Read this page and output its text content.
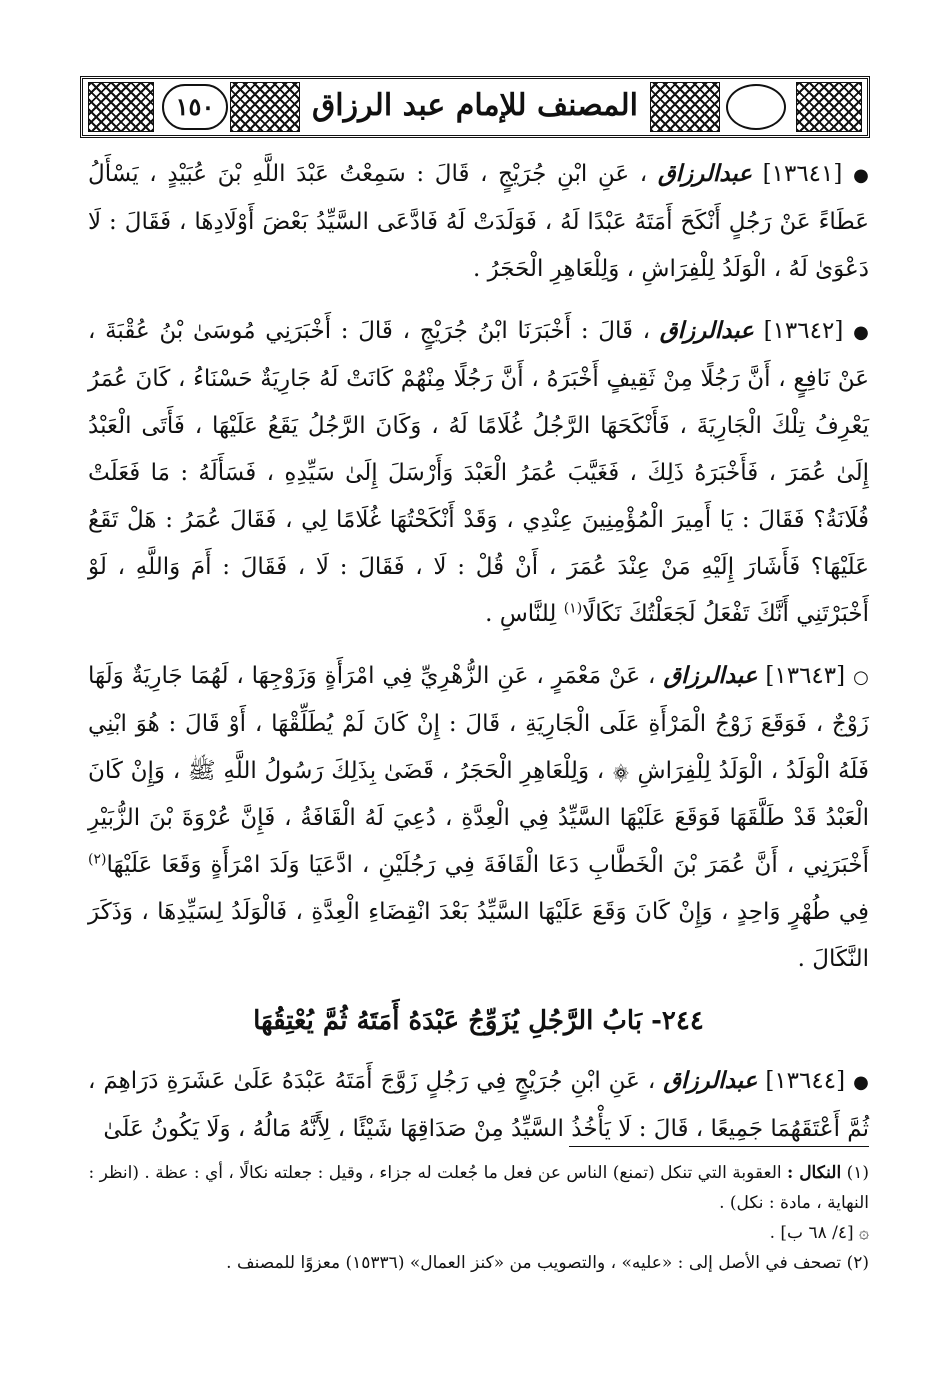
المصنف للإمام عبد الرزاق
١٥٠

● [١٣٦٤١] عبدالرزاق ، عَنِ ابْنِ جُرَيْجٍ ، قَالَ : سَمِعْتُ عَبْدَ اللَّهِ بْنَ عُبَيْدٍ ، يَسْأَلُ عَطَاءً عَنْ رَجُلٍ أَنْكَحَ أَمَتَهُ عَبْدًا لَهُ ، فَوَلَدَتْ لَهُ فَادَّعَى السَّيِّدُ بَعْضَ أَوْلَادِهَا ، فَقَالَ : لَا دَعْوَىٰ لَهُ ، الْوَلَدُ لِلْفِرَاشِ ، وَلِلْعَاهِرِ الْحَجَرُ .

● [١٣٦٤٢] عبدالرزاق ، قَالَ : أَخْبَرَنَا ابْنُ جُرَيْجٍ ، قَالَ : أَخْبَرَنِي مُوسَىٰ بْنُ عُقْبَةَ ، عَنْ نَافِعٍ ، أَنَّ رَجُلًا مِنْ ثَقِيفٍ أَخْبَرَهُ ، أَنَّ رَجُلًا مِنْهُمْ كَانَتْ لَهُ جَارِيَةٌ حَسْنَاءُ ، كَانَ عُمَرُ يَعْرِفُ تِلْكَ الْجَارِيَةَ ، فَأَنْكَحَهَا الرَّجُلُ غُلَامًا لَهُ ، وَكَانَ الرَّجُلُ يَقَعُ عَلَيْهَا ، فَأَتَى الْعَبْدُ إِلَىٰ عُمَرَ ، فَأَخْبَرَهُ ذَلِكَ ، فَغَيَّبَ عُمَرُ الْعَبْدَ وَأَرْسَلَ إِلَىٰ سَيِّدِهِ ، فَسَأَلَهُ : مَا فَعَلَتْ فُلَانَةُ؟ فَقَالَ : يَا أَمِيرَ الْمُؤْمِنِينَ عِنْدِي ، وَقَدْ أَنْكَحْتُهَا غُلَامًا لِي ، فَقَالَ عُمَرُ : هَلْ تَقَعُ عَلَيْهَا؟ فَأَشَارَ إِلَيْهِ مَنْ عِنْدَ عُمَرَ ، أَنْ قُلْ : لَا ، فَقَالَ : لَا ، فَقَالَ : أَمَ وَاللَّهِ ، لَوْ أَخْبَرْتَنِي أَنَّكَ تَفْعَلُ لَجَعَلْتُكَ نَكَالًا$^{(١)}$ لِلنَّاسِ .

○ [١٣٦٤٣] عبدالرزاق ، عَنْ مَعْمَرٍ ، عَنِ الزُّهْرِيِّ فِي امْرَأَةٍ وَزَوْجِهَا ، لَهُمَا جَارِيَةٌ وَلَهَا زَوْجٌ ، فَوَقَعَ زَوْجُ الْمَرْأَةِ عَلَى الْجَارِيَةِ ، قَالَ : إِنْ كَانَ لَمْ يُطَلِّقْهَا ، أَوْ قَالَ : هُوَ ابْنِي فَلَهُ الْوَلَدُ ، الْوَلَدُ لِلْفِرَاشِ ۞ ، وَلِلْعَاهِرِ الْحَجَرُ ، قَضَىٰ بِذَلِكَ رَسُولُ اللَّهِ ﷺ ، وَإِنْ كَانَ الْعَبْدُ قَدْ طَلَّقَهَا فَوَقَعَ عَلَيْهَا السَّيِّدُ فِي الْعِدَّةِ ، دُعِيَ لَهُ الْقَافَةُ ، فَإِنَّ عُرْوَةَ بْنَ الزُّبَيْرِ أَخْبَرَنِي ، أَنَّ عُمَرَ بْنَ الْخَطَّابِ دَعَا الْقَافَةَ فِي رَجُلَيْنِ ، ادَّعَيَا وَلَدَ امْرَأَةٍ وَقَعَا عَلَيْهَا$^{(٢)}$ فِي طُهْرٍ وَاحِدٍ ، وَإِنْ كَانَ وَقَعَ عَلَيْهَا السَّيِّدُ بَعْدَ انْقِضَاءِ الْعِدَّةِ ، فَالْوَلَدُ لِسَيِّدِهَا ، وَذَكَرَ النَّكَالَ .

٢٤٤- بَابُ الرَّجُلِ يُزَوِّجُ عَبْدَهُ أَمَتَهُ ثُمَّ يُعْتِقُهَا

● [١٣٦٤٤] عبدالرزاق ، عَنِ ابْنِ جُرَيْجٍ فِي رَجُلٍ زَوَّجَ أَمَتَهُ عَبْدَهُ عَلَىٰ عَشَرَةِ دَرَاهِمَ ، ثُمَّ أَعْتَقَهُمَا جَمِيعًا ، قَالَ : لَا يَأْخُذُ السَّيِّدُ مِنْ صَدَاقِهَا شَيْئًا ، لِأَنَّهُ مَالُهُ ، وَلَا يَكُونُ عَلَىٰ

(١) النكال : العقوبة التي تنكل (تمنع) الناس عن فعل ما جُعلت له جزاء ، وقيل : جعلته نكالًا ، أي : عظة . (انظر : النهاية ، مادة : نكل) .

۞ [٤/ ٦٨ ب] .

(٢) تصحف في الأصل إلى : «عليه» ، والتصويب من «كنز العمال» (١٥٣٣٦) معزوًا للمصنف .
